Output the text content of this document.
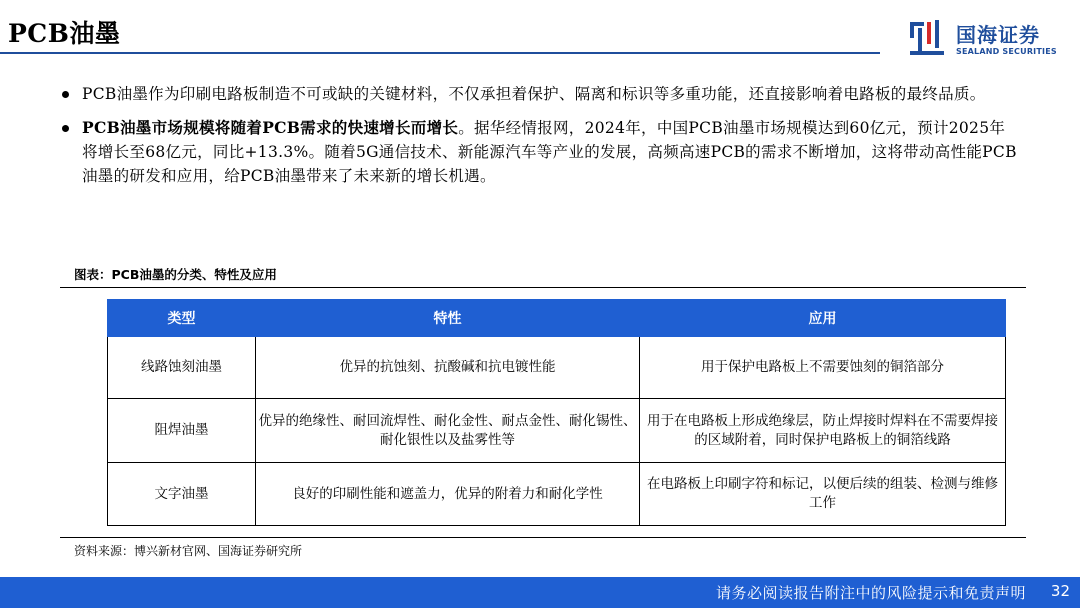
PCB油墨	国海证券
SEALAND SECURITIES
PCB油墨作为印刷电路板制造不可或缺的关键材料，不仅承担着保护、隔离和标识等多重功能，还直接影响着电路板的最终品质。
PCB油墨市场规模将随着PCB需求的快速增长而增长。据华经情报网，2024年，中国PCB油墨市场规模达到60亿元，预计2025年将增长至68亿元，同比+13.3%。随着5G通信技术、新能源汽车等产业的发展，高频高速PCB的需求不断增加，这将带动高性能PCB油墨的研发和应用，给PCB油墨带来了未来新的增长机遇。
图表：PCB油墨的分类、特性及应用
类型	特性	应用
线路蚀刻油墨	优异的抗蚀刻、抗酸碱和抗电镀性能	用于保护电路板上不需要蚀刻的铜箔部分
阻焊油墨	优异的绝缘性、耐回流焊性、耐化金性、耐点金性、耐化锡性、耐化银性以及盐雾性等	用于在电路板上形成绝缘层，防止焊接时焊料在不需要焊接的区域附着，同时保护电路板上的铜箔线路
文字油墨	良好的印刷性能和遮盖力，优异的附着力和耐化学性	在电路板上印刷字符和标记，以便后续的组装、检测与维修工作
资料来源：博兴新材官网、国海证券研究所
请务必阅读报告附注中的风险提示和免责声明 32
